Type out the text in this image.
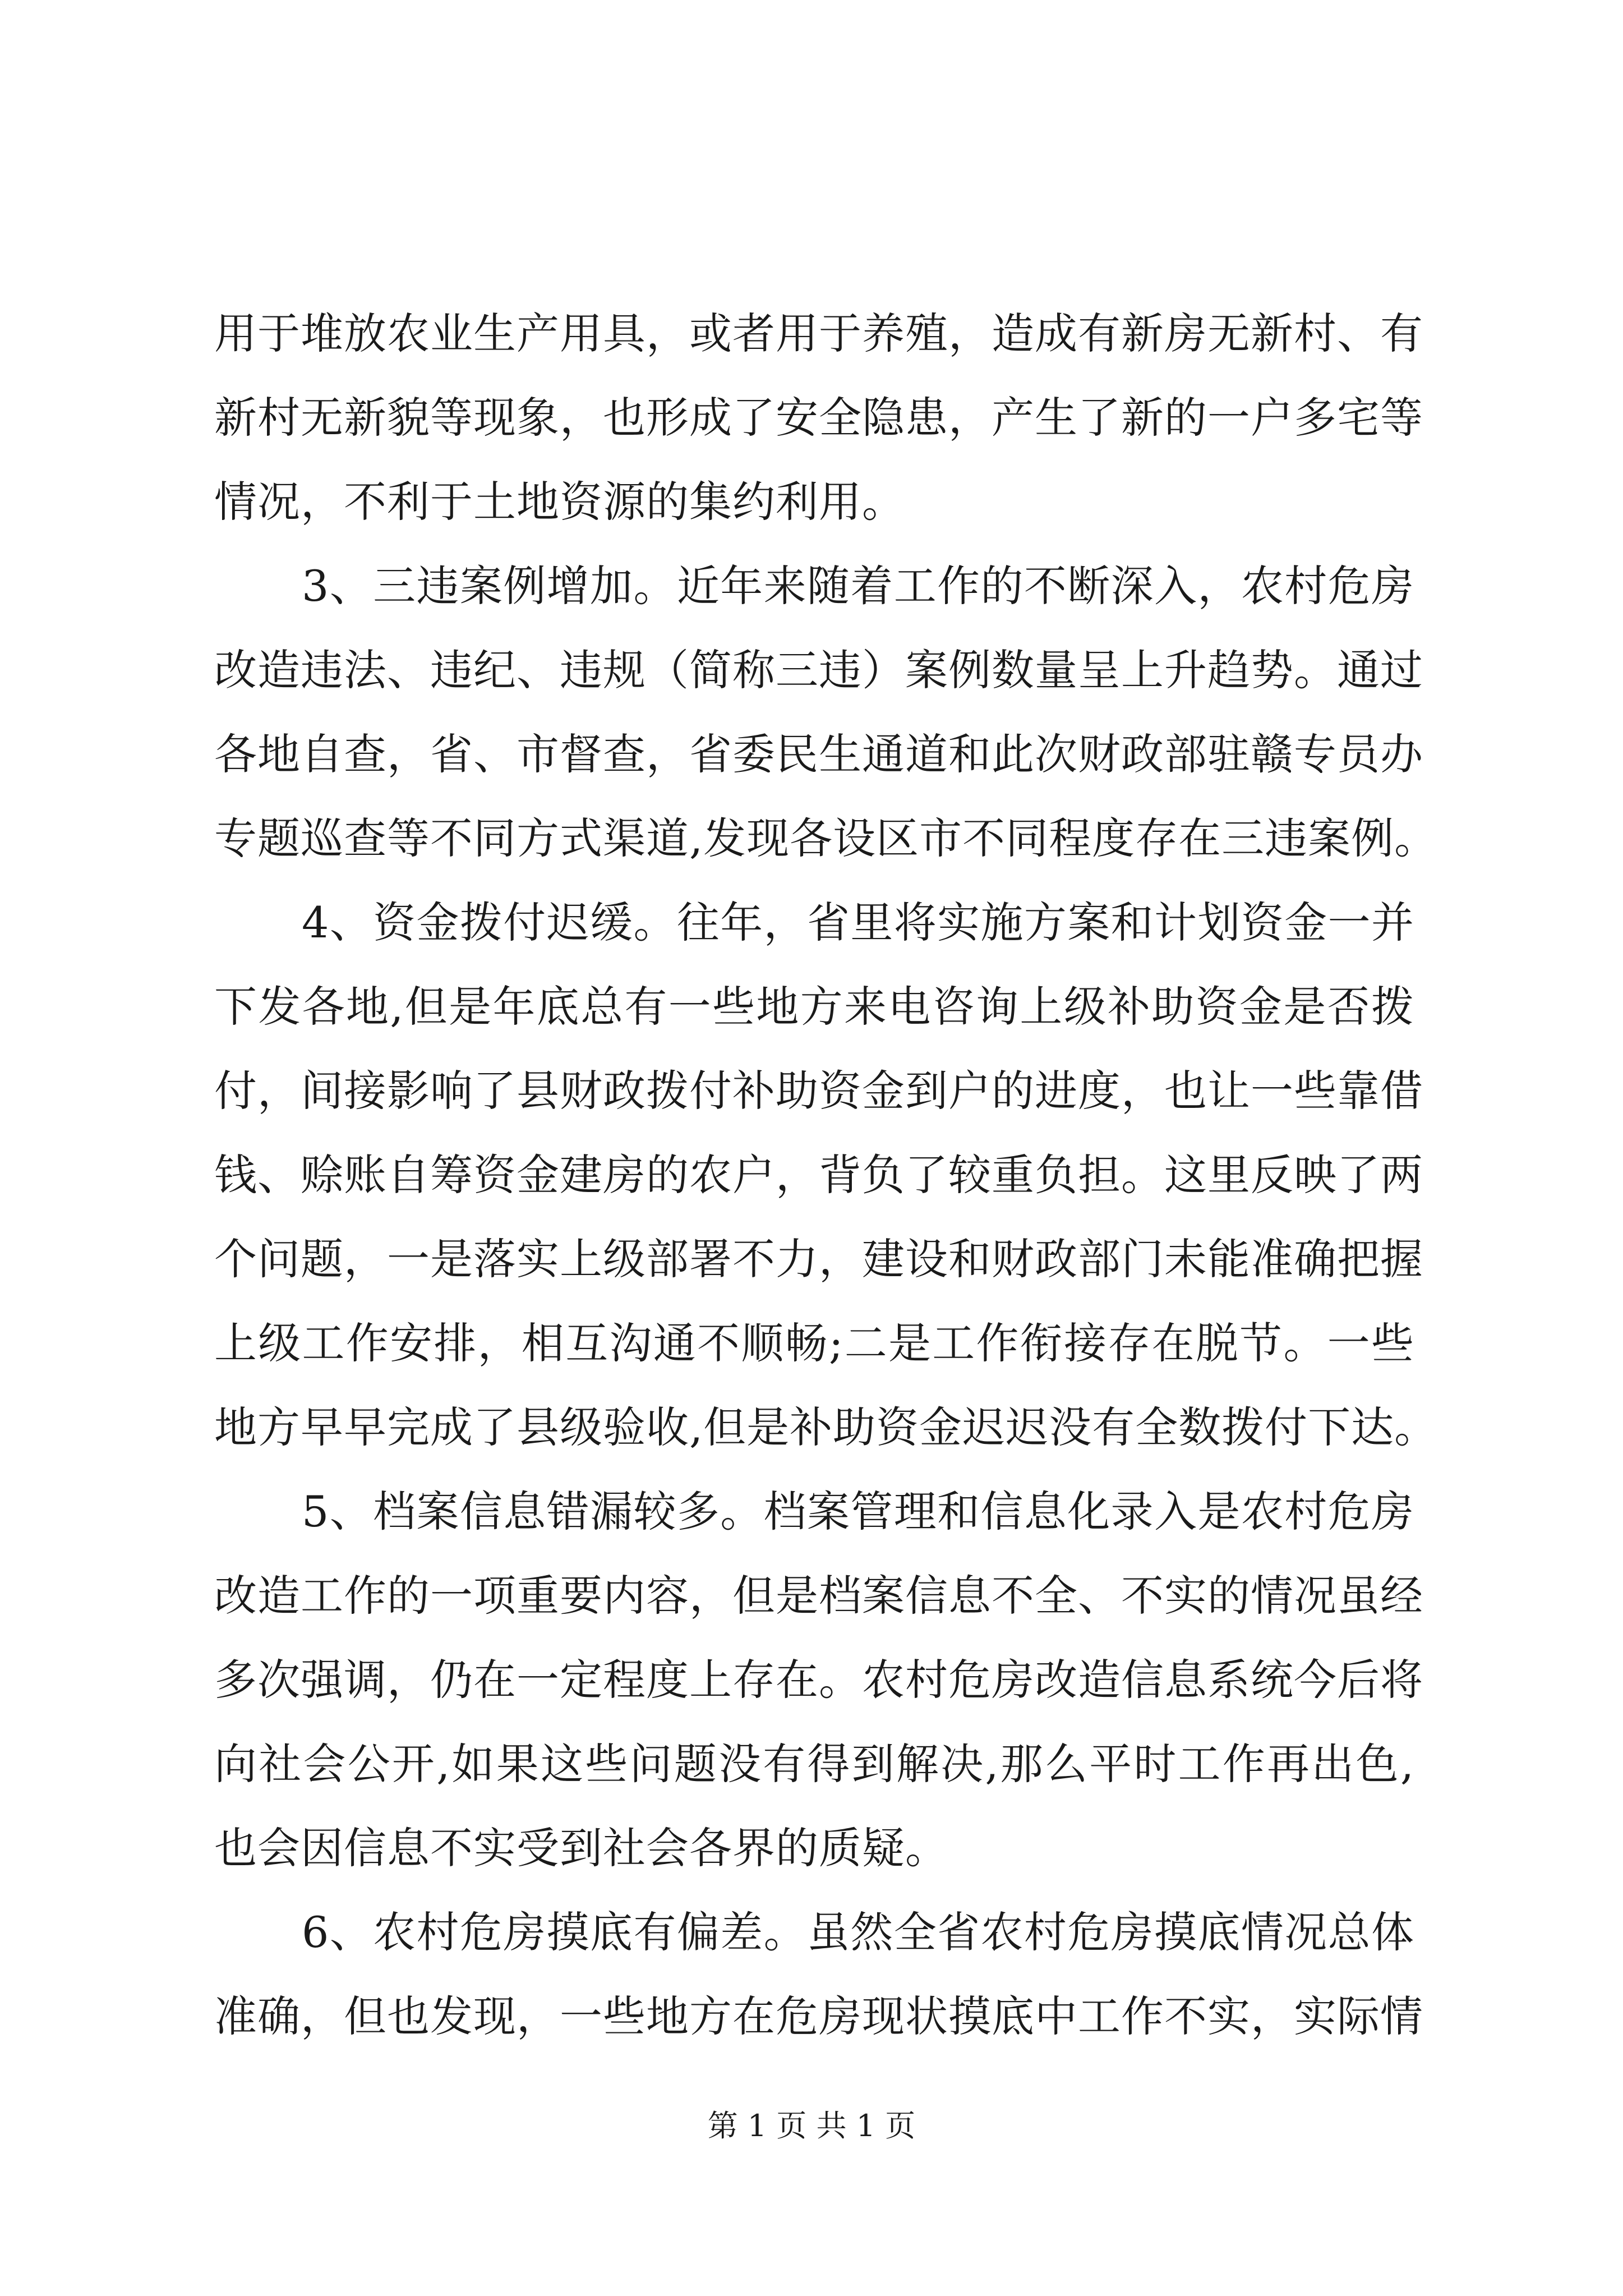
用于堆放农业生产用具，或者用于养殖，造成有新房无新村、有
新村无新貌等现象，也形成了安全隐患，产生了新的一户多宅等
情况，不利于土地资源的集约利用。
3、三违案例增加。近年来随着工作的不断深入，农村危房
改造违法、违纪、违规（简称三违）案例数量呈上升趋势。通过
各地自查，省、市督查，省委民生通道和此次财政部驻赣专员办
专题巡查等不同方式渠道,发现各设区市不同程度存在三违案例。
4、资金拨付迟缓。往年，省里将实施方案和计划资金一并
下发各地,但是年底总有一些地方来电咨询上级补助资金是否拨
付，间接影响了县财政拨付补助资金到户的进度，也让一些靠借
钱、赊账自筹资金建房的农户，背负了较重负担。这里反映了两
个问题，一是落实上级部署不力，建设和财政部门未能准确把握
上级工作安排，相互沟通不顺畅;二是工作衔接存在脱节。一些
地方早早完成了县级验收,但是补助资金迟迟没有全数拨付下达。
5、档案信息错漏较多。档案管理和信息化录入是农村危房
改造工作的一项重要内容，但是档案信息不全、不实的情况虽经
多次强调，仍在一定程度上存在。农村危房改造信息系统今后将
向社会公开,如果这些问题没有得到解决,那么平时工作再出色,
也会因信息不实受到社会各界的质疑。
6、农村危房摸底有偏差。虽然全省农村危房摸底情况总体
准确，但也发现，一些地方在危房现状摸底中工作不实，实际情
第 1 页 共 1 页
